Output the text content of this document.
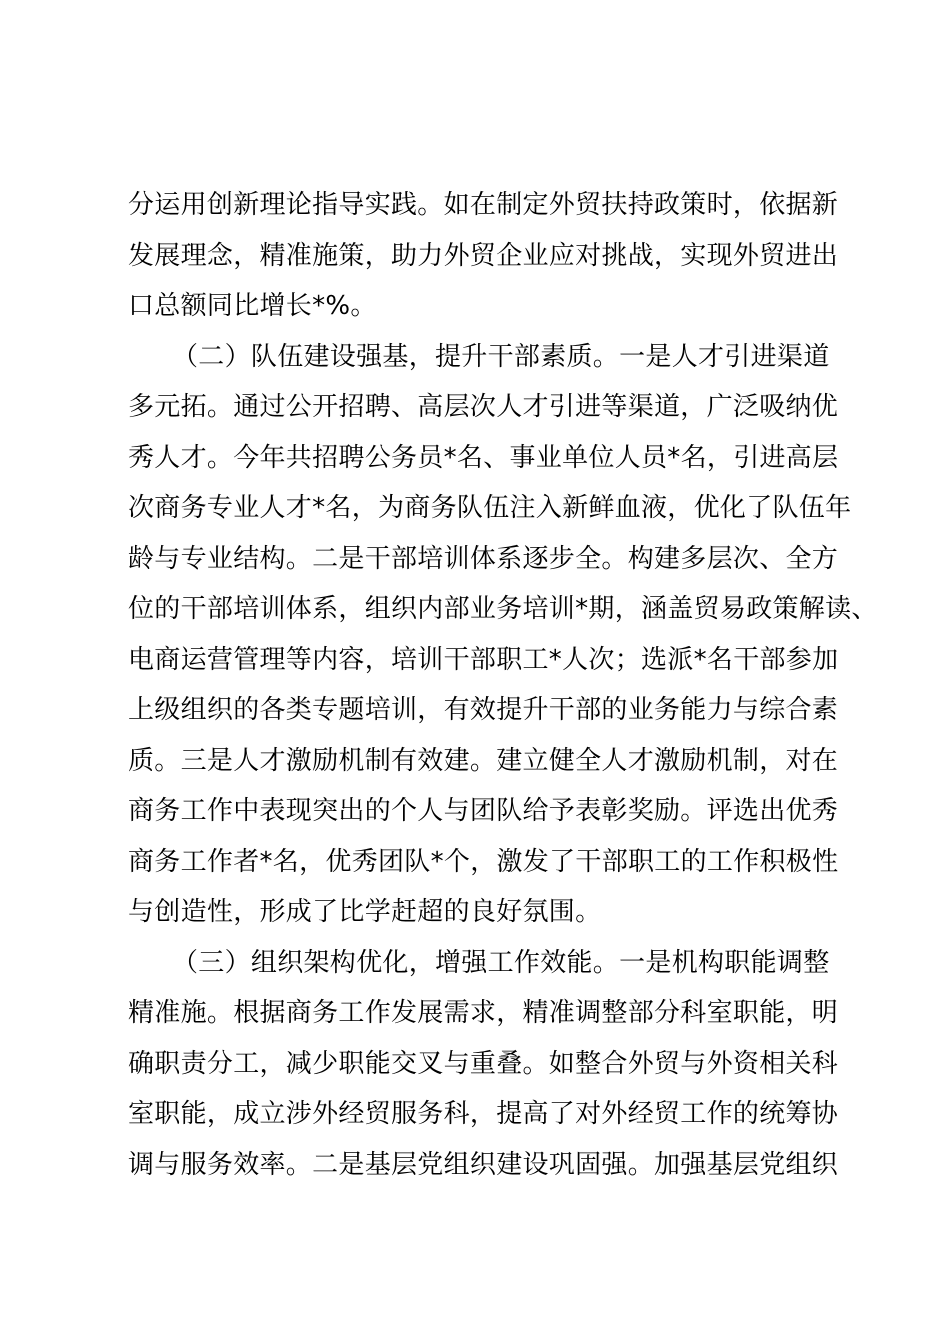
分运用创新理论指导实践。如在制定外贸扶持政策时，依据新
发展理念，精准施策，助力外贸企业应对挑战，实现外贸进出
口总额同比增长*%。
（二）队伍建设强基，提升干部素质。一是人才引进渠道
多元拓。通过公开招聘、高层次人才引进等渠道，广泛吸纳优
秀人才。今年共招聘公务员*名、事业单位人员*名，引进高层
次商务专业人才*名，为商务队伍注入新鲜血液，优化了队伍年
龄与专业结构。二是干部培训体系逐步全。构建多层次、全方
位的干部培训体系，组织内部业务培训*期，涵盖贸易政策解读、
电商运营管理等内容，培训干部职工*人次；选派*名干部参加
上级组织的各类专题培训，有效提升干部的业务能力与综合素
质。三是人才激励机制有效建。建立健全人才激励机制，对在
商务工作中表现突出的个人与团队给予表彰奖励。评选出优秀
商务工作者*名，优秀团队*个，激发了干部职工的工作积极性
与创造性，形成了比学赶超的良好氛围。
（三）组织架构优化，增强工作效能。一是机构职能调整
精准施。根据商务工作发展需求，精准调整部分科室职能，明
确职责分工，减少职能交叉与重叠。如整合外贸与外资相关科
室职能，成立涉外经贸服务科，提高了对外经贸工作的统筹协
调与服务效率。二是基层党组织建设巩固强。加强基层党组织
